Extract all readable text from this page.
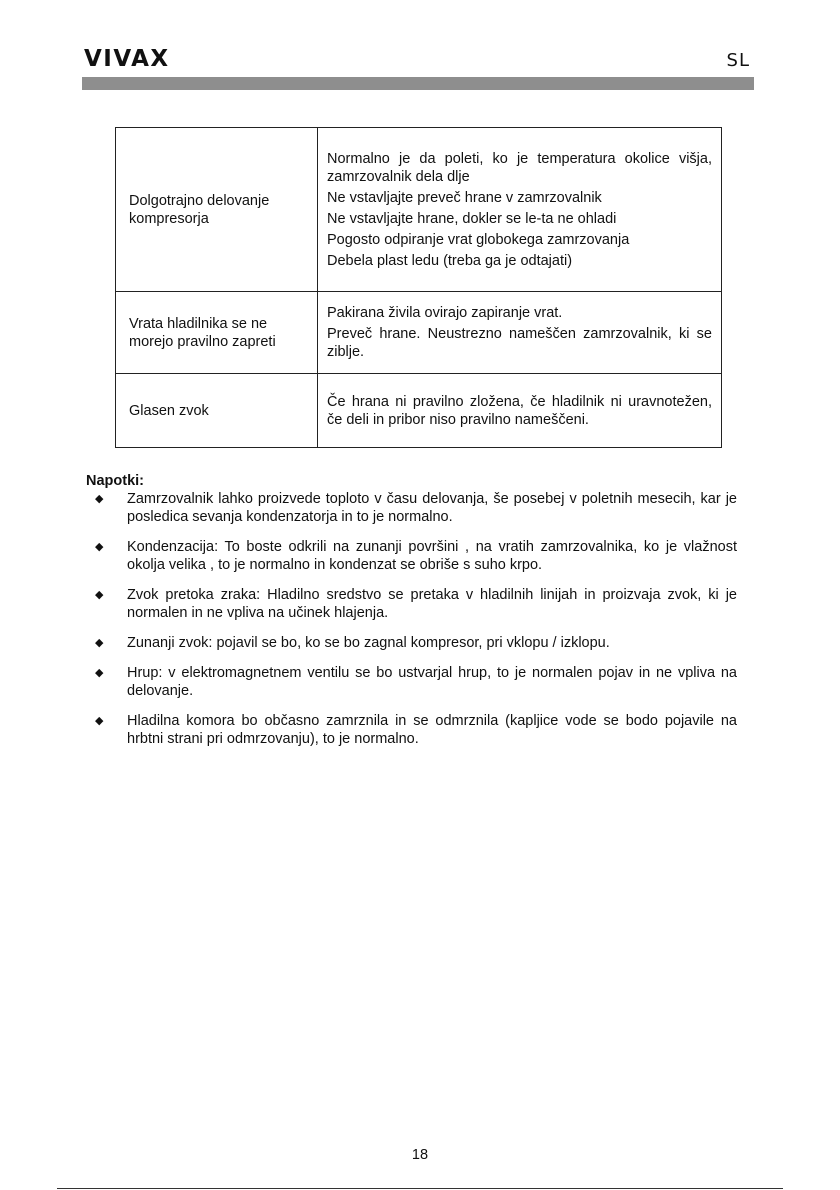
VIVAX	SL
Dolgotrajno delovanje kompresorja	Normalno je da poleti, ko je temperatura okolice višja, zamrzovalnik dela dlje
Ne vstavljajte preveč hrane v zamrzovalnik
Ne vstavljajte hrane, dokler se le-ta ne ohladi
Pogosto odpiranje vrat globokega zamrzovanja
Debela plast ledu (treba ga je odtajati)

Vrata hladilnika se ne morejo pravilno zapreti	Pakirana živila ovirajo zapiranje vrat.
Preveč hrane. Neustrezno nameščen zamrzovalnik, ki se ziblje.

Glasen zvok	Če hrana ni pravilno zložena, če hladilnik ni uravnotežen, če deli in pribor niso pravilno nameščeni.
Napotki:
◆ Zamrzovalnik lahko proizvede toploto v času delovanja, še posebej v poletnih mesecih, kar je posledica sevanja kondenzatorja in to je normalno.
◆ Kondenzacija: To boste odkrili na zunanji površini , na vratih zamrzovalnika, ko je vlažnost okolja velika , to je normalno in kondenzat se obriše s suho krpo.
◆ Zvok pretoka zraka: Hladilno sredstvo se pretaka v hladilnih linijah in proizvaja zvok, ki je normalen in ne vpliva na učinek hlajenja.
◆ Zunanji zvok: pojavil se bo, ko se bo zagnal kompresor, pri vklopu / izklopu.
◆ Hrup: v elektromagnetnem ventilu se bo ustvarjal hrup, to je normalen pojav in ne vpliva na delovanje.
◆ Hladilna komora bo občasno zamrznila in se odmrznila (kapljice vode se bodo pojavile na hrbtni strani pri odmrzovanju), to je normalno.
18
